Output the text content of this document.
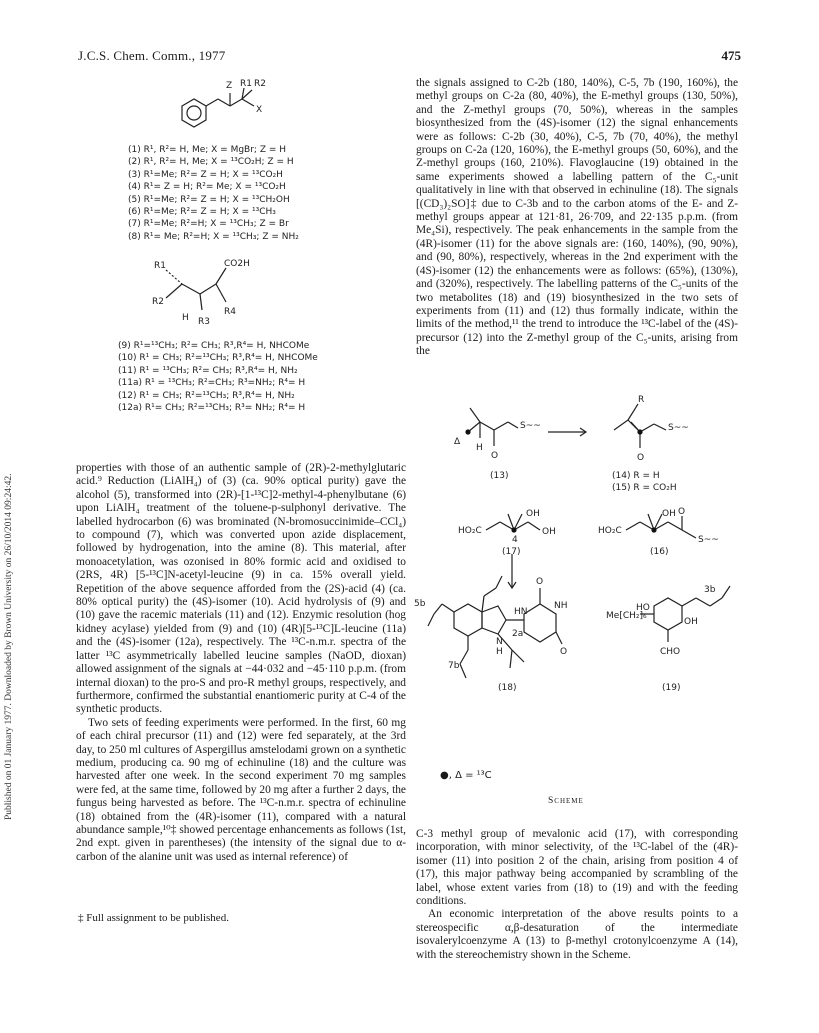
J.C.S. Chem. Comm., 1977	475
Published on 01 January 1977. Downloaded by Brown University on 26/10/2014 09:24:42.
Z R1 R2
X
(1) R¹, R²= H, Me; X = MgBr; Z = H
(2) R¹, R²= H, Me; X = ¹³CO₂H; Z = H
(3) R¹=Me; R²= Z = H; X = ¹³CO₂H
(4) R¹= Z = H; R²= Me; X = ¹³CO₂H
(5) R¹=Me; R²= Z = H; X = ¹³CH₂OH
(6) R¹=Me; R²= Z = H; X = ¹³CH₃
(7) R¹=Me; R²=H; X = ¹³CH₃; Z = Br
(8) R¹= Me; R²=H; X = ¹³CH₃; Z = NH₂
R1
R2
CO2H
H R3
R4
(9) R¹=¹³CH₃; R²= CH₃; R³,R⁴= H, NHCOMe
(10) R¹ = CH₃; R²=¹³CH₃; R³,R⁴= H, NHCOMe
(11) R¹ = ¹³CH₃; R²= CH₃; R³,R⁴= H, NH₂
(11a) R¹ = ¹³CH₃; R²=CH₃; R³=NH₂; R⁴= H
(12) R¹ = CH₃; R²=¹³CH₃; R³,R⁴= H, NH₂
(12a) R¹= CH₃; R²=¹³CH₃; R³= NH₂; R⁴= H

properties with those of an authentic sample of (2R)-2-methylglutaric acid.⁹ Reduction (LiAlH₄) of (3) (ca. 90% optical purity) gave the alcohol (5), transformed into (2R)-[1-¹³C]2-methyl-4-phenylbutane (6) upon LiAlH₄ treatment of the toluene-p-sulphonyl derivative. The labelled hydrocarbon (6) was brominated (N-bromosuccinimide–CCl₄) to compound (7), which was converted upon azide displacement, followed by hydrogenation, into the amine (8). This material, after monoacetylation, was ozonised in 80% formic acid and oxidised to (2RS, 4R) [5-¹³C]N-acetyl-leucine (9) in ca. 15% overall yield. Repetition of the above sequence afforded from the (2S)-acid (4) (ca. 80% optical purity) the (4S)-isomer (10). Acid hydrolysis of (9) and (10) gave the racemic materials (11) and (12). Enzymic resolution (hog kidney acylase) yielded from (9) and (10) (4R)[5-¹³C]L-leucine (11a) and the (4S)-isomer (12a), respectively. The ¹³C-n.m.r. spectra of the latter ¹³C asymmetrically labelled leucine samples (NaOD, dioxan) allowed assignment of the signals at −44·032 and −45·110 p.p.m. (from internal dioxan) to the pro-S and pro-R methyl groups, respectively, and furthermore, confirmed the substantial enantiomeric purity at C-4 of the synthetic products.

Two sets of feeding experiments were performed. In the first, 60 mg of each chiral precursor (11) and (12) were fed separately, at the 3rd day, to 250 ml cultures of Aspergillus amstelodami grown on a synthetic medium, producing ca. 90 mg of echinuline (18) and the culture was harvested after one week. In the second experiment 70 mg samples were fed, at the same time, followed by 20 mg after a further 2 days, the fungus being harvested as before. The ¹³C-n.m.r. spectra of echinuline (18) obtained from the (4R)-isomer (11), compared with a natural abundance sample,¹⁰‡ showed percentage enhancements as follows (1st, 2nd expt. given in parentheses) (the intensity of the signal due to α-carbon of the alanine unit was used as internal reference) of

the signals assigned to C-2b (180, 140%), C-5, 7b (190, 160%), the methyl groups on C-2a (80, 40%), the E-methyl groups (130, 50%), and the Z-methyl groups (70, 50%), whereas in the samples biosynthesized from the (4S)-isomer (12) the signal enhancements were as follows: C-2b (30, 40%), C-5, 7b (70, 40%), the methyl groups on C-2a (120, 160%), the E-methyl groups (50, 60%), and the Z-methyl groups (160, 210%). Flavoglaucine (19) obtained in the same experiments showed a labelling pattern of the C₅-unit qualitatively in line with that observed in echinuline (18). The signals [(CD₃)₂SO]‡ due to C-3b and to the carbon atoms of the E- and Z-methyl groups appear at 121·81, 26·709, and 22·135 p.p.m. (from Me₄Si), respectively. The peak enhancements in the sample from the (4R)-isomer (11) for the above signals are: (160, 140%), (90, 90%), and (90, 80%), respectively, whereas in the 2nd experiment with the (4S)-isomer (12) the enhancements were as follows: (65%), (130%), and (320%), respectively. The labelling patterns of the C₅-units of the two metabolites (18) and (19) biosynthesized in the two sets of experiments from (11) and (12) thus formally indicate, within the limits of the method,¹¹ the trend to introduce the ¹³C-label of the (4S)-precursor (12) into the Z-methyl group of the C₅-units, arising from the

Δ
H
O
S~~
R
S~~
O
(13)	(14) R = H
(15) R = CO₂H
HO₂C
OH
OH
4
HO₂C
OH O
S~~
(17)	(16)
5b
7b
2a
NH
HN
N
H
O
O
3b
HO
Me[CH₂]₆
OH
CHO
(18)	(19)
●, Δ = ¹³C
Scheme

C-3 methyl group of mevalonic acid (17), with corresponding incorporation, with minor selectivity, of the ¹³C-label of the (4R)-isomer (11) into position 2 of the chain, arising from position 4 of (17), this major pathway being accompanied by scrambling of the label, whose extent varies from (18) to (19) and with the feeding conditions.

An economic interpretation of the above results points to a stereospecific α,β-desaturation of the intermediate isovalerylcoenzyme A (13) to β-methyl crotonylcoenzyme A (14), with the stereochemistry shown in the Scheme.

‡ Full assignment to be published.
